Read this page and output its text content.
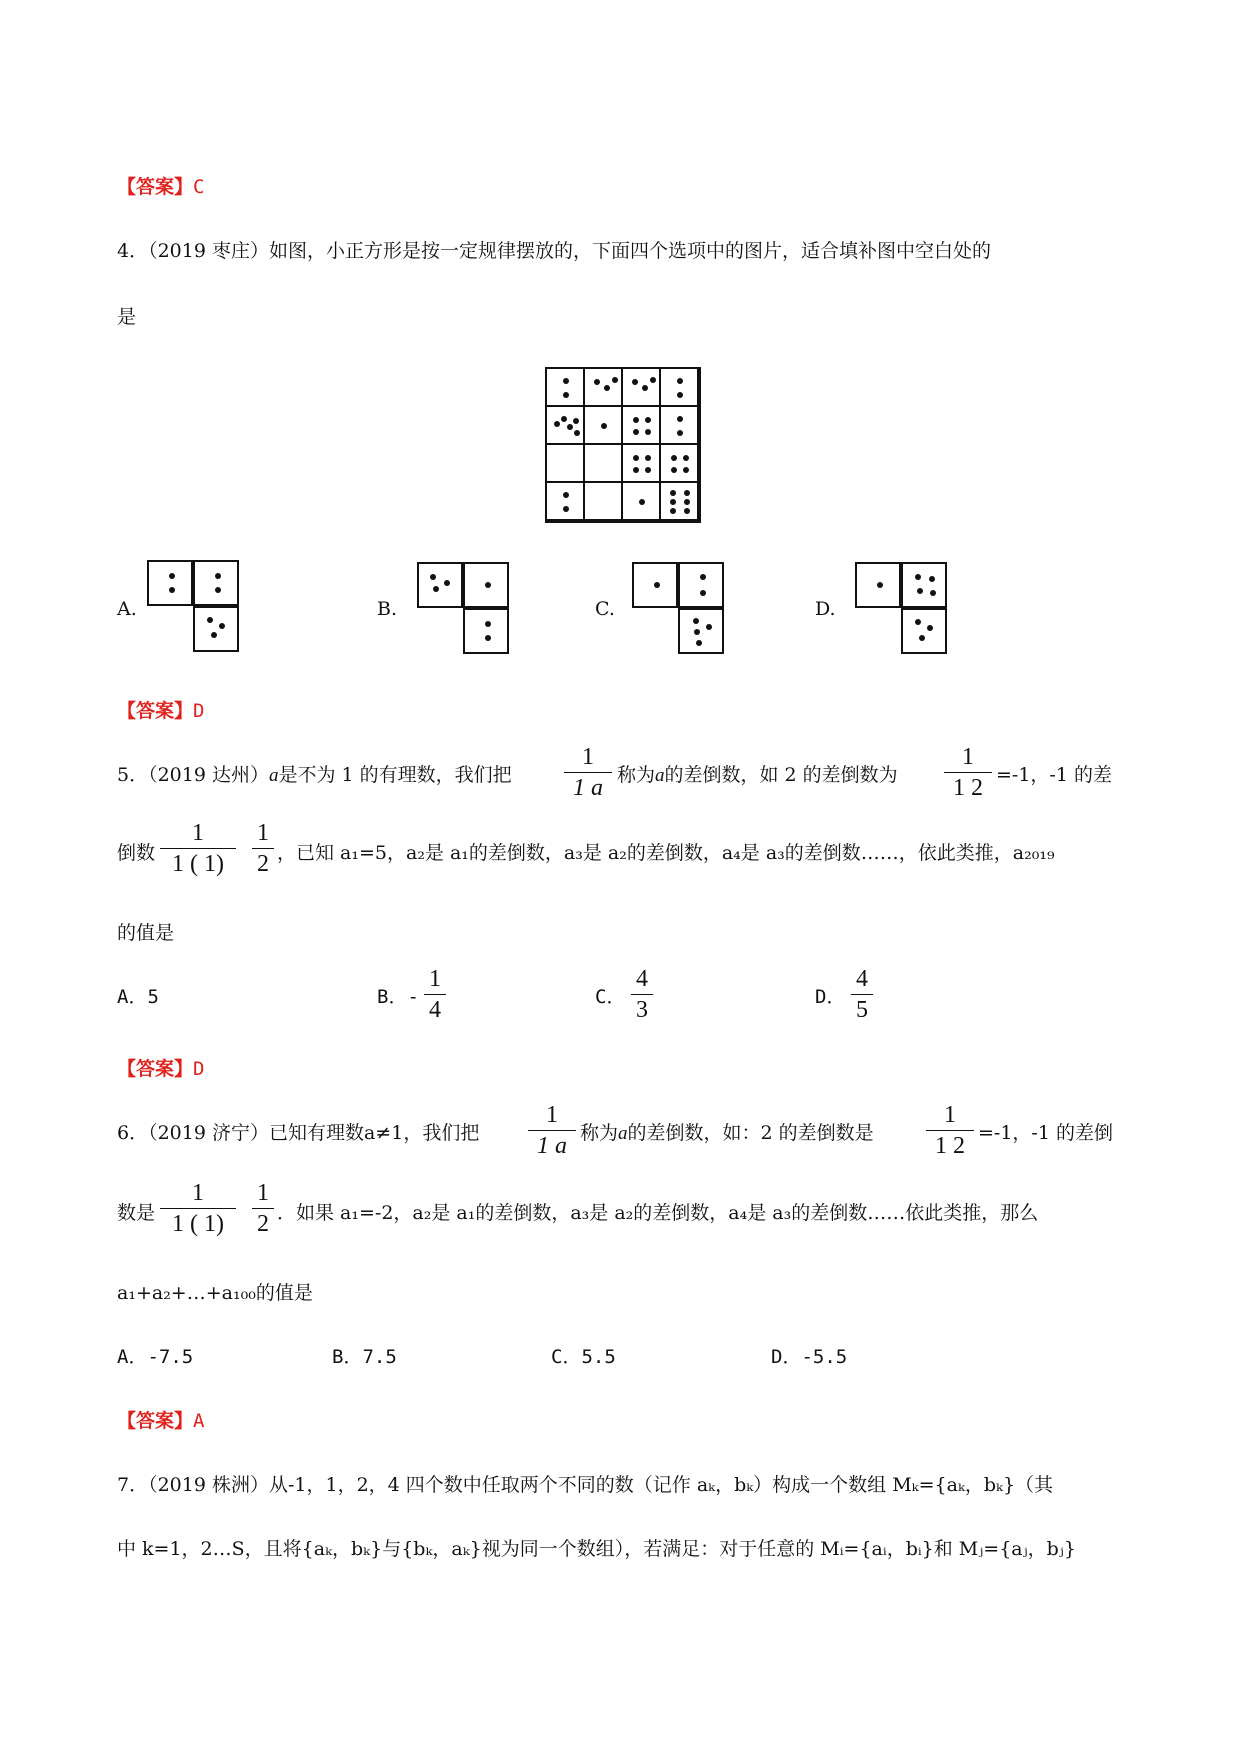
【答案】C
4．（2019 枣庄）如图，小正方形是按一定规律摆放的，下面四个选项中的图片，适合填补图中空白处的
是
A.	B.	C.	D.
【答案】D
5．（2019 达州）a是不为 1 的有理数，我们把
1
1 a 称为a的差倒数，如 2 的差倒数为
1
1 2 =-1，-1 的差
倒数
1
1 ( 1)
1
2 ，已知 a₁=5，a₂是 a₁的差倒数，a₃是 a₂的差倒数，a₄是 a₃的差倒数……，依此类推，a₂₀₁₉
的值是
A．5	B．-
1
4	C．
4
3	D．
4
5
【答案】D
6．（2019 济宁）已知有理数a≠1，我们把
1
1 a 称为a的差倒数，如：2 的差倒数是
1
1 2 =-1，-1 的差倒
数是
1
1 ( 1)
1
2 ．如果 a₁=-2，a₂是 a₁的差倒数，a₃是 a₂的差倒数，a₄是 a₃的差倒数……依此类推，那么
a₁+a₂+…+a₁₀₀的值是
A．-7.5	B．7.5	C．5.5	D．-5.5
【答案】A
7．（2019 株洲）从-1，1，2，4 四个数中任取两个不同的数（记作 aₖ，bₖ）构成一个数组 Mₖ={aₖ，bₖ}（其
中 k=1，2…S，且将{aₖ，bₖ}与{bₖ，aₖ}视为同一个数组），若满足：对于任意的 Mᵢ={aᵢ，bᵢ}和 Mⱼ={aⱼ，bⱼ}
